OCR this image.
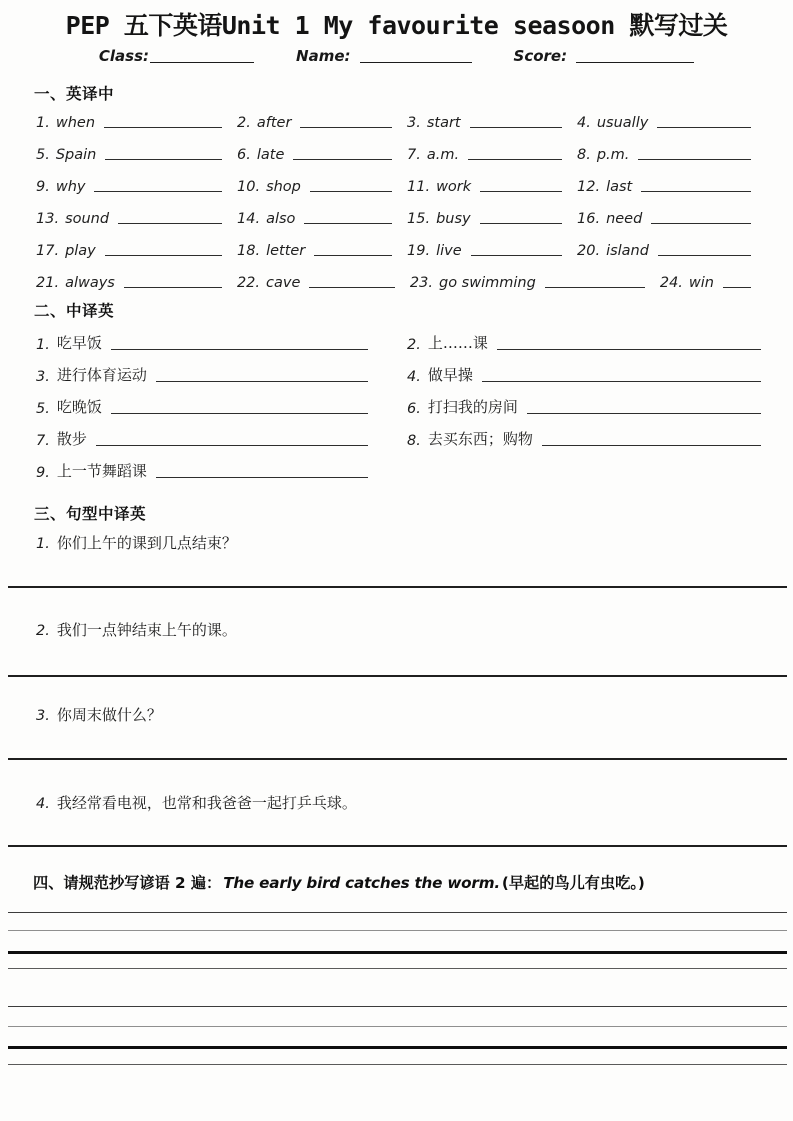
PEP 五下英语Unit 1 My favourite seasoon 默写过关
Class:	Name:	Score:
一、英译中
1. when	2. after	3. start	4. usually
5. Spain	6. late	7. a.m.	8. p.m.
9. why	10. shop	11. work	12. last
13. sound	14. also	15. busy	16. need
17. play	18. letter	19. live	20. island
21. always	22. cave	23. go swimming	24. win
二、中译英
1. 吃早饭	2. 上……课
3. 进行体育运动	4. 做早操
5. 吃晚饭	6. 打扫我的房间
7. 散步	8. 去买东西；购物
9. 上一节舞蹈课
三、句型中译英
1. 你们上午的课到几点结束？
2. 我们一点钟结束上午的课。
3. 你周末做什么？
4. 我经常看电视，也常和我爸爸一起打乒乓球。
四、请规范抄写谚语 2 遍： The early bird catches the worm. (早起的鸟儿有虫吃。)
